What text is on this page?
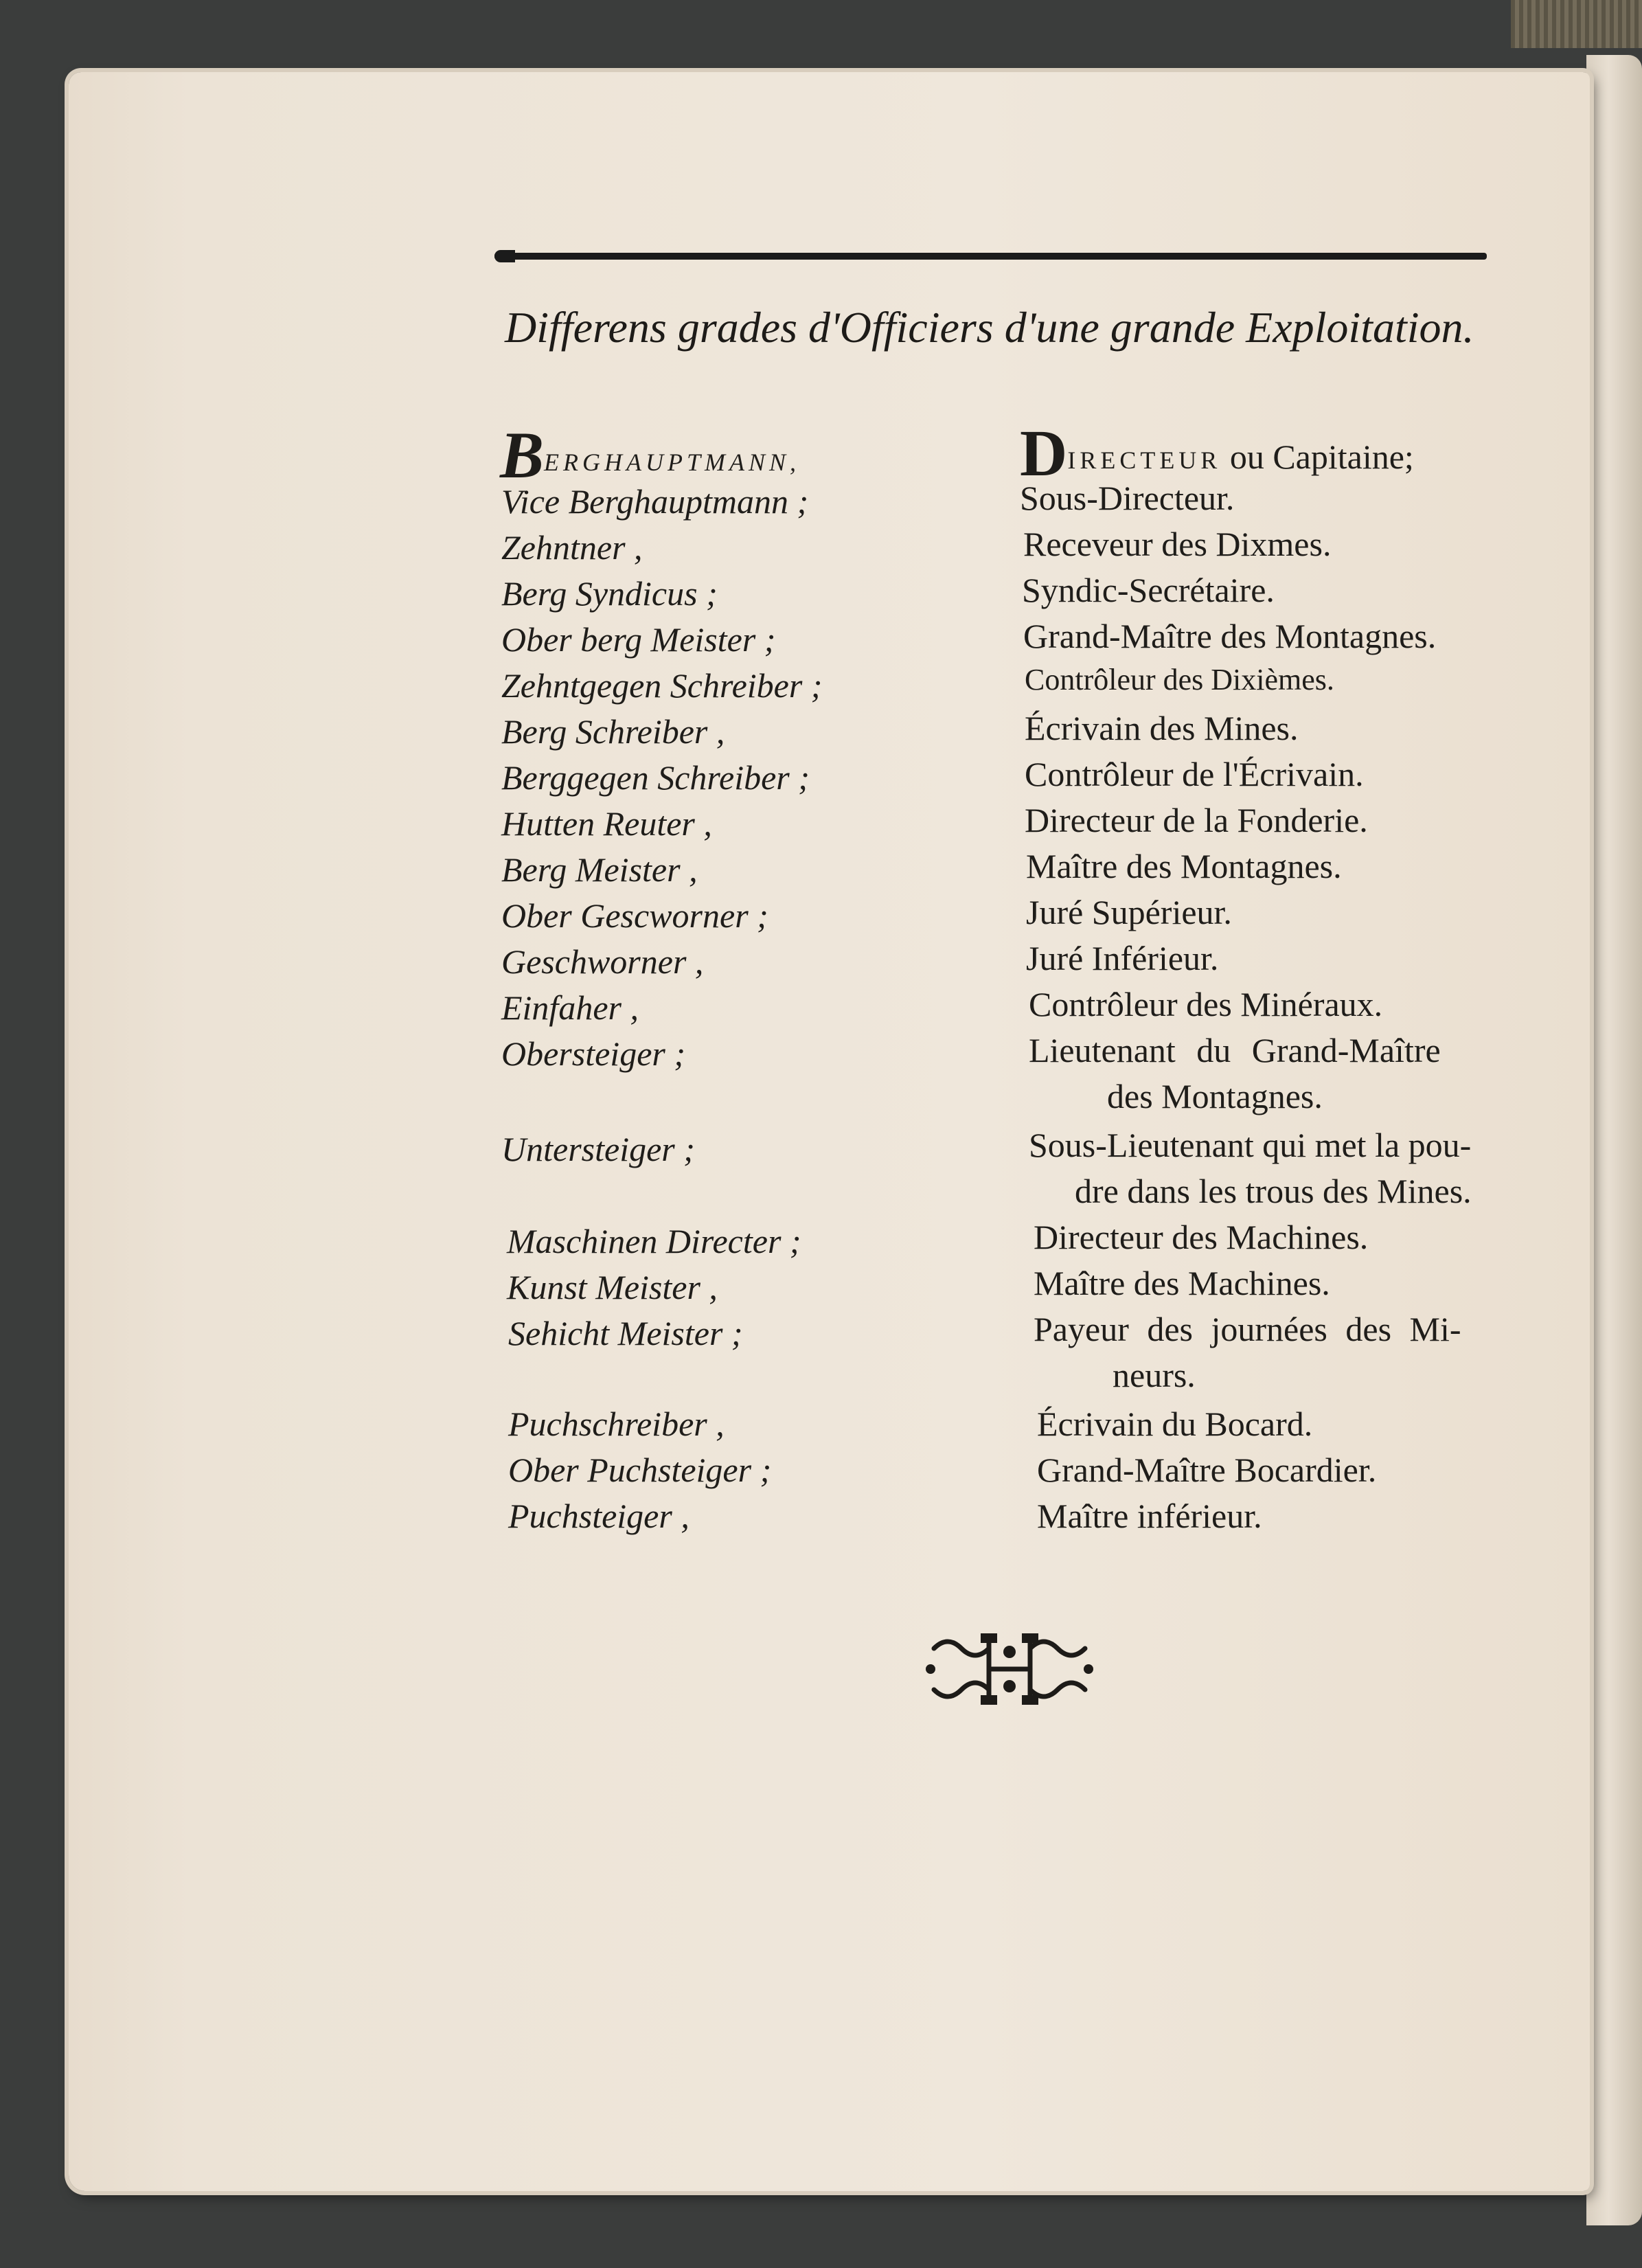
Differens grades d'Officiers d'une grande Exploitation.
BERGHAUPTMANN,
Vice Berghauptmann ;
Zehntner ,
Berg Syndicus ;
Ober berg Meister ;
Zehntgegen Schreiber ;
Berg Schreiber ,
Berggegen Schreiber ;
Hutten Reuter ,
Berg Meister ,
Ober Gescworner ;
Geschworner ,
Einfaher ,
Obersteiger ;
Untersteiger ;
Maschinen Directer ;
Kunst Meister ,
Sehicht Meister ;
Puchschreiber ,
Ober Puchsteiger ;
Puchsteiger ,
DIRECTEUR ou Capitaine;
Sous-Directeur.
Receveur des Dixmes.
Syndic-Secrétaire.
Grand-Maître des Montagnes.
Contrôleur des Dixièmes.
Écrivain des Mines.
Contrôleur de l'Écrivain.
Directeur de la Fonderie.
Maître des Montagnes.
Juré Supérieur.
Juré Inférieur.
Contrôleur des Minéraux.
Lieutenant du Grand-Maître
des Montagnes.
Sous-Lieutenant qui met la pou-
dre dans les trous des Mines.
Directeur des Machines.
Maître des Machines.
Payeur des journées des Mi-
neurs.
Écrivain du Bocard.
Grand-Maître Bocardier.
Maître inférieur.
